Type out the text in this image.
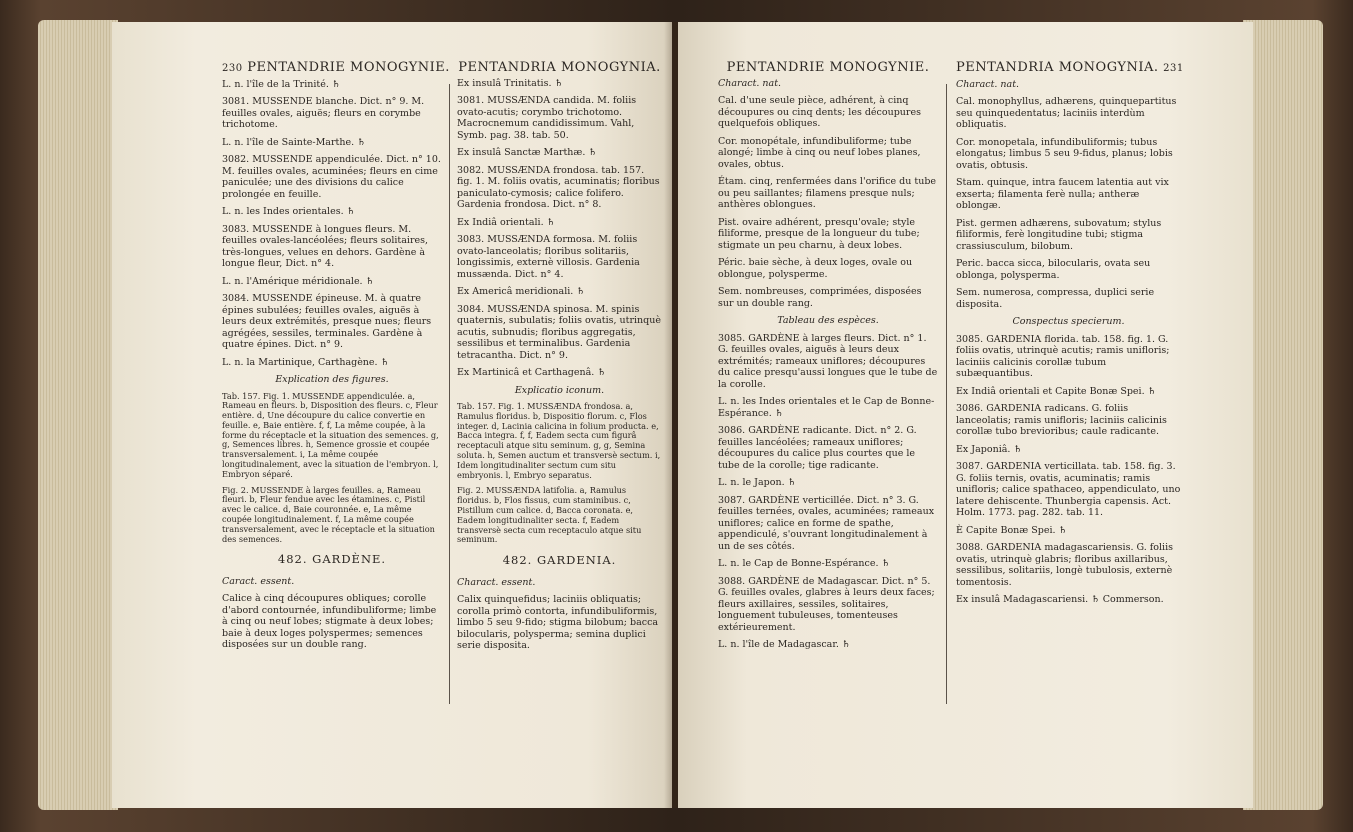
230 PENTANDRIE MONOGYNIE.

L. n. l'île de la Trinité. ♄

3081. MUSSENDE blanche. Dict. n° 9. M. feuilles ovales, aiguës; fleurs en corymbe trichotome.

L. n. l'île de Sainte-Marthe. ♄

3082. MUSSENDE appendiculée. Dict. n° 10. M. feuilles ovales, acuminées; fleurs en cime paniculée; une des divisions du calice prolongée en feuille.

L. n. les Indes orientales. ♄

3083. MUSSENDE à longues fleurs. M. feuilles ovales-lancéolées; fleurs solitaires, très-longues, velues en dehors. Gardène à longue fleur, Dict. n° 4.

L. n. l'Amérique méridionale. ♄

3084. MUSSENDE épineuse. M. à quatre épines subulées; feuilles ovales, aiguës à leurs deux extrémités, presque nues; fleurs agrégées, sessiles, terminales. Gardène à quatre épines. Dict. n° 9.

L. n. la Martinique, Carthagène. ♄

Explication des figures.

Tab. 157. Fig. 1. MUSSENDE appendiculée. a, Rameau en fleurs. b, Disposition des fleurs. c, Fleur entière. d, Une découpure du calice convertie en feuille. e, Baie entière. f, f, La même coupée, à la forme du réceptacle et la situation des semences. g, g, Semences libres. h, Semence grossie et coupée transversalement. i, La même coupée longitudinalement, avec la situation de l'embryon. l, Embryon séparé.

Fig. 2. MUSSENDE à larges feuilles. a, Rameau fleuri. b, Fleur fendue avec les étamines. c, Pistil avec le calice. d, Baie couronnée. e, La même coupée longitudinalement. f, La même coupée transversalement, avec le réceptacle et la situation des semences.

482. GARDÈNE.

Caract. essent.

Calice à cinq découpures obliques; corolle d'abord contournée, infundibuliforme; limbe à cinq ou neuf lobes; stigmate à deux lobes; baie à deux loges polyspermes; semences disposées sur un double rang.

PENTANDRIA MONOGYNIA.

Ex insulâ Trinitatis. ♄

3081. MUSSÆNDA candida. M. foliis ovato-acutis; corymbo trichotomo. Macrocnemum candidissimum. Vahl, Symb. pag. 38. tab. 50.

Ex insulâ Sanctæ Marthæ. ♄

3082. MUSSÆNDA frondosa. tab. 157. fig. 1. M. foliis ovatis, acuminatis; floribus paniculato-cymosis; calice folifero. Gardenia frondosa. Dict. n° 8.

Ex Indiâ orientali. ♄

3083. MUSSÆNDA formosa. M. foliis ovato-lanceolatis; floribus solitariis, longissimis, externè villosis. Gardenia mussænda. Dict. n° 4.

Ex Americâ meridionali. ♄

3084. MUSSÆNDA spinosa. M. spinis quaternis, subulatis; foliis ovatis, utrinquè acutis, subnudis; floribus aggregatis, sessilibus et terminalibus. Gardenia tetracantha. Dict. n° 9.

Ex Martinicâ et Carthagenâ. ♄

Explicatio iconum.

Tab. 157. Fig. 1. MUSSÆNDA frondosa. a, Ramulus floridus. b, Dispositio florum. c, Flos integer. d, Lacinia calicina in folium producta. e, Bacca integra. f, f, Eadem secta cum figurâ receptaculi atque situ seminum. g, g, Semina soluta. h, Semen auctum et transversè sectum. i, Idem longitudinaliter sectum cum situ embryonis. l, Embryo separatus.

Fig. 2. MUSSÆNDA latifolia. a, Ramulus floridus. b, Flos fissus, cum staminibus. c, Pistillum cum calice. d, Bacca coronata. e, Eadem longitudinaliter secta. f, Eadem transversè secta cum receptaculo atque situ seminum.

482. GARDENIA.

Charact. essent.

Calix quinquefidus; laciniis obliquatis; corolla primò contorta, infundibuliformis, limbo 5 seu 9-fido; stigma bilobum; bacca bilocularis, polysperma; semina duplici serie disposita.

PENTANDRIE MONOGYNIE.

Charact. nat.

Cal. d'une seule pièce, adhérent, à cinq découpures ou cinq dents; les découpures quelquefois obliques.

Cor. monopétale, infundibuliforme; tube alongé; limbe à cinq ou neuf lobes planes, ovales, obtus.

Étam. cinq, renfermées dans l'orifice du tube ou peu saillantes; filamens presque nuls; anthères oblongues.

Pist. ovaire adhérent, presqu'ovale; style filiforme, presque de la longueur du tube; stigmate un peu charnu, à deux lobes.

Péric. baie sèche, à deux loges, ovale ou oblongue, polysperme.

Sem. nombreuses, comprimées, disposées sur un double rang.

Tableau des espèces.

3085. GARDÈNE à larges fleurs. Dict. n° 1. G. feuilles ovales, aiguës à leurs deux extrémités; rameaux uniflores; découpures du calice presqu'aussi longues que le tube de la corolle.

L. n. les Indes orientales et le Cap de Bonne-Espérance. ♄

3086. GARDÈNE radicante. Dict. n° 2. G. feuilles lancéolées; rameaux uniflores; découpures du calice plus courtes que le tube de la corolle; tige radicante.

L. n. le Japon. ♄

3087. GARDÈNE verticillée. Dict. n° 3. G. feuilles ternées, ovales, acuminées; rameaux uniflores; calice en forme de spathe, appendiculé, s'ouvrant longitudinalement à un de ses côtés.

L. n. le Cap de Bonne-Espérance. ♄

3088. GARDÈNE de Madagascar. Dict. n° 5. G. feuilles ovales, glabres à leurs deux faces; fleurs axillaires, sessiles, solitaires, longuement tubuleuses, tomenteuses extérieurement.

L. n. l'île de Madagascar. ♄

PENTANDRIA MONOGYNIA. 231

Charact. nat.

Cal. monophyllus, adhærens, quinquepartitus seu quinquedentatus; laciniis interdùm obliquatis.

Cor. monopetala, infundibuliformis; tubus elongatus; limbus 5 seu 9-fidus, planus; lobis ovatis, obtusis.

Stam. quinque, intra faucem latentia aut vix exserta; filamenta ferè nulla; antheræ oblongæ.

Pist. germen adhærens, subovatum; stylus filiformis, ferè longitudine tubi; stigma crassiusculum, bilobum.

Peric. bacca sicca, bilocularis, ovata seu oblonga, polysperma.

Sem. numerosa, compressa, duplici serie disposita.

Conspectus specierum.

3085. GARDENIA florida. tab. 158. fig. 1. G. foliis ovatis, utrinquè acutis; ramis unifloris; laciniis calicinis corollæ tubum subæquantibus.

Ex Indiâ orientali et Capite Bonæ Spei. ♄

3086. GARDENIA radicans. G. foliis lanceolatis; ramis unifloris; laciniis calicinis corollæ tubo brevioribus; caule radicante.

Ex Japoniâ. ♄

3087. GARDENIA verticillata. tab. 158. fig. 3. G. foliis ternis, ovatis, acuminatis; ramis unifloris; calice spathaceo, appendiculato, uno latere dehiscente. Thunbergia capensis. Act. Holm. 1773. pag. 282. tab. 11.

È Capite Bonæ Spei. ♄

3088. GARDENIA madagascariensis. G. foliis ovatis, utrinquè glabris; floribus axillaribus, sessilibus, solitariis, longè tubulosis, externè tomentosis.

Ex insulâ Madagascariensi. ♄ Commerson.
